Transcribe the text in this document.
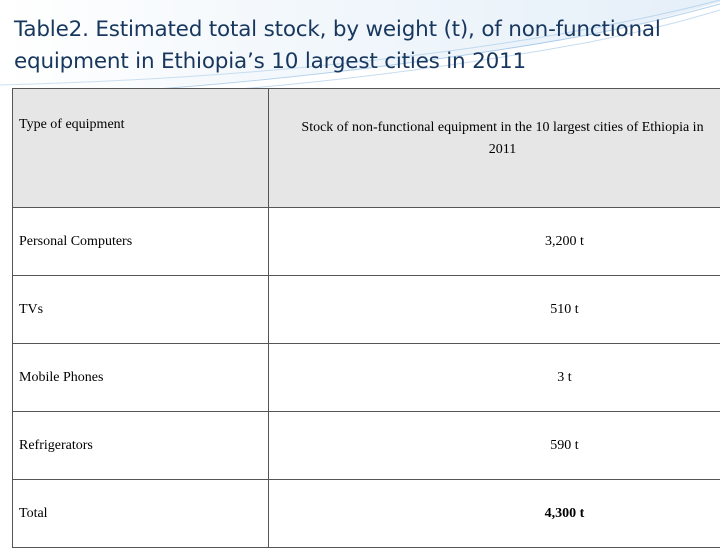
Table2. Estimated total stock, by weight (t), of non-functional equipment in Ethiopia’s 10 largest cities in 2011
Type of equipment	Stock of non-functional equipment in the 10 largest cities of Ethiopia in 2011
Personal Computers	3,200 t
TVs	510 t
Mobile Phones	3 t
Refrigerators	590 t
Total	4,300 t
